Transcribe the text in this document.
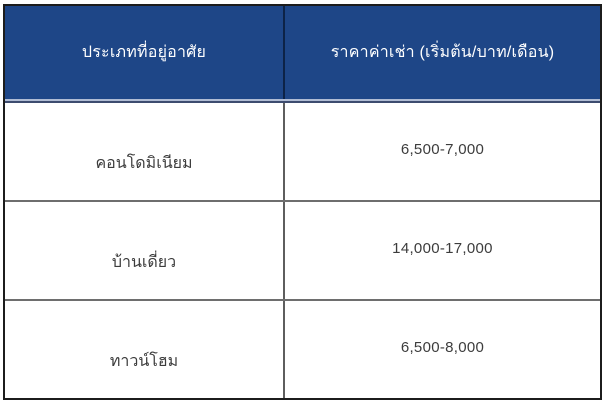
ประเภทที่อยู่อาศัย	ราคาค่าเช่า (เริ่มต้น/บาท/เดือน)
คอนโดมิเนียม
6,500-7,000
บ้านเดี่ยว
14,000-17,000
ทาวน์โฮม
6,500-8,000
